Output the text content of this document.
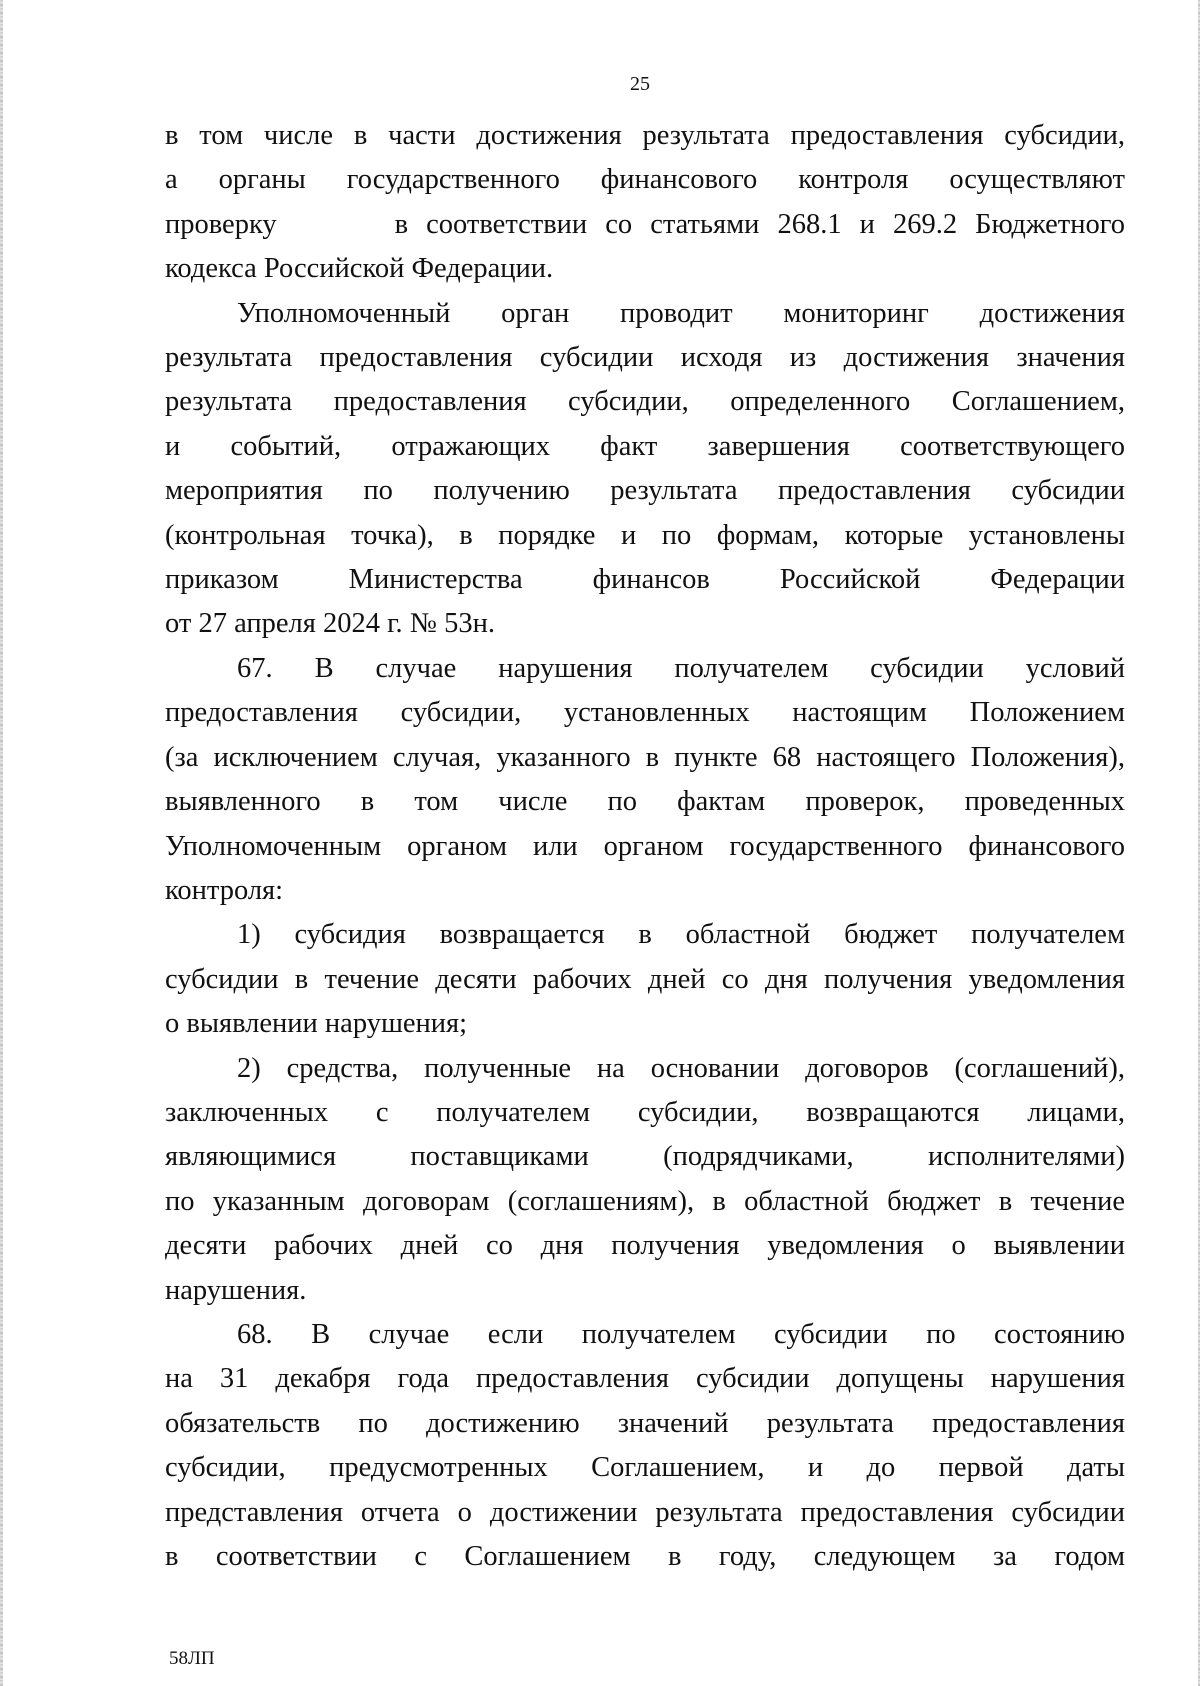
25

в том числе в части достижения результата предоставления субсидии,
а органы государственного финансового контроля осуществляют
проверку	в соответствии со статьями 268.1 и 269.2 Бюджетного
кодекса Российской Федерации.

Уполномоченный орган проводит мониторинг достижения
результата предоставления субсидии исходя из достижения значения
результата предоставления субсидии, определенного Соглашением,
и событий, отражающих факт завершения соответствующего
мероприятия по получению результата предоставления субсидии
(контрольная точка), в порядке и по формам, которые установлены
приказом Министерства финансов Российской Федерации
от 27 апреля 2024 г. № 53н.

67. В случае нарушения получателем субсидии условий
предоставления субсидии, установленных настоящим Положением
(за исключением случая, указанного в пункте 68 настоящего Положения),
выявленного в том числе по фактам проверок, проведенных
Уполномоченным органом или органом государственного финансового
контроля:

1) субсидия возвращается в областной бюджет получателем
субсидии в течение десяти рабочих дней со дня получения уведомления
о выявлении нарушения;

2) средства, полученные на основании договоров (соглашений),
заключенных с получателем субсидии, возвращаются лицами,
являющимися поставщиками (подрядчиками, исполнителями)
по указанным договорам (соглашениям), в областной бюджет в течение
десяти рабочих дней со дня получения уведомления о выявлении
нарушения.

68. В случае если получателем субсидии по состоянию
на 31 декабря года предоставления субсидии допущены нарушения
обязательств по достижению значений результата предоставления
субсидии, предусмотренных Соглашением, и до первой даты
представления отчета о достижении результата предоставления субсидии
в соответствии с Соглашением в году, следующем за годом

58ЛП
